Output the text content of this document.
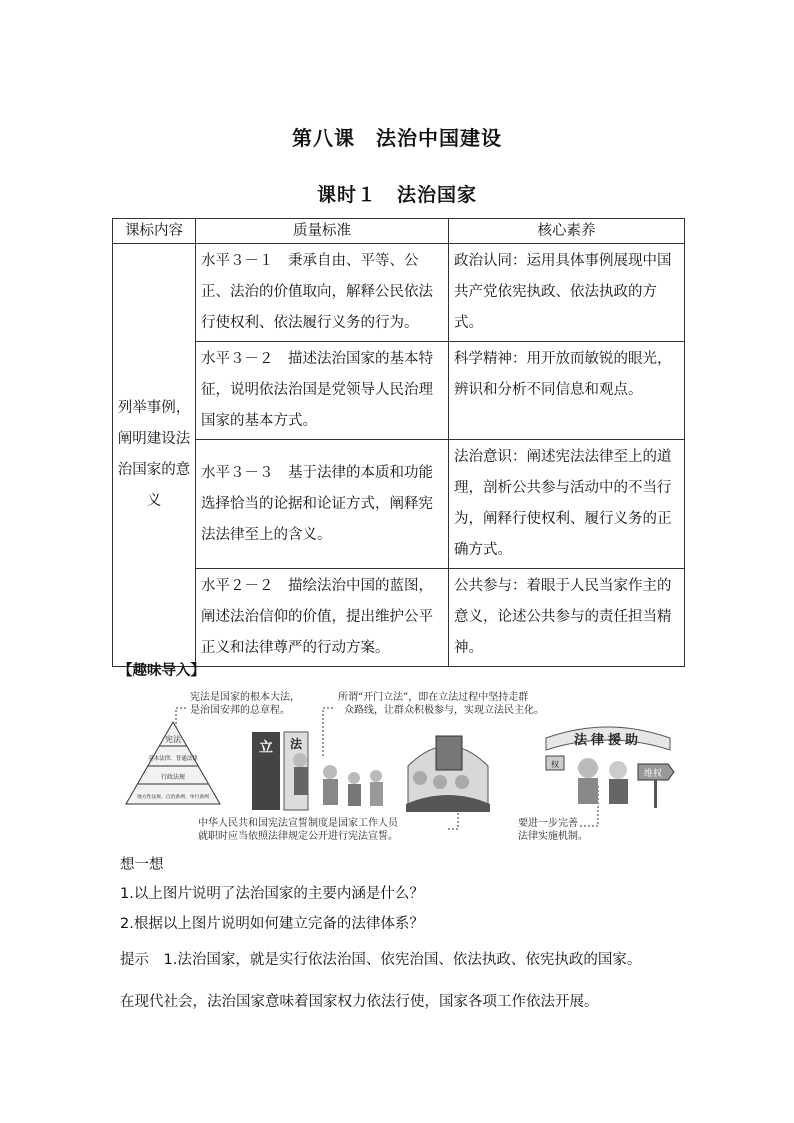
第八课　法治中国建设
课时１　法治国家
课标内容	质量标准	核心素养
列举事例，阐明建设法治国家的意义	水平３－１　秉承自由、平等、公正、法治的价值取向，解释公民依法行使权利、依法履行义务的行为。	政治认同：运用具体事例展现中国共产党依宪执政、依法执政的方式。
	水平３－２　描述法治国家的基本特征，说明依法治国是党领导人民治理国家的基本方式。	科学精神：用开放而敏锐的眼光，辨识和分析不同信息和观点。
	水平３－３　基于法律的本质和功能选择恰当的论据和论证方式，阐释宪法法律至上的含义。	法治意识：阐述宪法法律至上的道理，剖析公共参与活动中的不当行为，阐释行使权利、履行义务的正确方式。
	水平２－２　描绘法治中国的蓝图，阐述法治信仰的价值，提出维护公平正义和法律尊严的行动方案。	公共参与：着眼于人民当家作主的意义，论述公共参与的责任担当精神。
【趣味导入】
宪法是国家的根本大法，
是治国安邦的总章程。
所谓“开门立法”，即在立法过程中坚持走群
众路线，让群众积极参与，实现立法民主化。
宪法
基本法律、普通法律
行政法规
地方性法规、自治条例、单行条例
立 法	法律援助
权
维权
中华人民共和国宪法宣誓制度是国家工作人员
就职时应当依照法律规定公开进行宪法宣誓。
要进一步完善
法律实施机制。
想一想
1.以上图片说明了法治国家的主要内涵是什么？
2.根据以上图片说明如何建立完备的法律体系？
提示　1.法治国家，就是实行依法治国、依宪治国、依法执政、依宪执政的国家。
在现代社会，法治国家意味着国家权力依法行使，国家各项工作依法开展。
